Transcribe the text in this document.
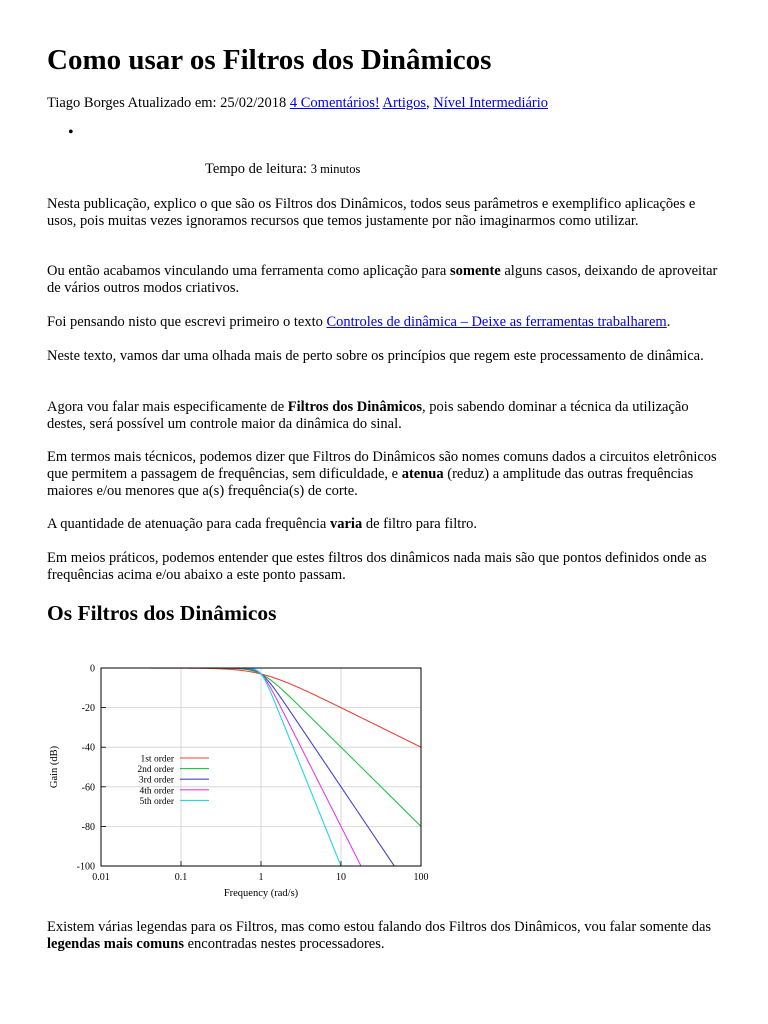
Como usar os Filtros dos Dinâmicos
Tiago Borges Atualizado em: 25/02/2018 4 Comentários! Artigos, Nível Intermediário
•
Tempo de leitura: 3 minutos

Nesta publicação, explico o que são os Filtros dos Dinâmicos, todos seus parâmetros e exemplifico aplicações e usos, pois muitas vezes ignoramos recursos que temos justamente por não imaginarmos como utilizar.

Ou então acabamos vinculando uma ferramenta como aplicação para somente alguns casos, deixando de aproveitar de vários outros modos criativos.

Foi pensando nisto que escrevi primeiro o texto Controles de dinâmica – Deixe as ferramentas trabalharem.

Neste texto, vamos dar uma olhada mais de perto sobre os princípios que regem este processamento de dinâmica.

Agora vou falar mais especificamente de Filtros dos Dinâmicos, pois sabendo dominar a técnica da utilização destes, será possível um controle maior da dinâmica do sinal.

Em termos mais técnicos, podemos dizer que Filtros do Dinâmicos são nomes comuns dados a circuitos eletrônicos que permitem a passagem de frequências, sem dificuldade, e atenua (reduz) a amplitude das outras frequências maiores e/ou menores que a(s) frequência(s) de corte.

A quantidade de atenuação para cada frequência varia de filtro para filtro.

Em meios práticos, podemos entender que estes filtros dos dinâmicos nada mais são que pontos definidos onde as frequências acima e/ou abaixo a este ponto passam.

Os Filtros dos Dinâmicos
0.01	0.1	1	10	100
0
-20
-40
-60
-80
-100
1st order
2nd order
3rd order
4th order
5th order
Frequency (rad/s)
Gain (dB)

Existem várias legendas para os Filtros, mas como estou falando dos Filtros dos Dinâmicos, vou falar somente das legendas mais comuns encontradas nestes processadores.
